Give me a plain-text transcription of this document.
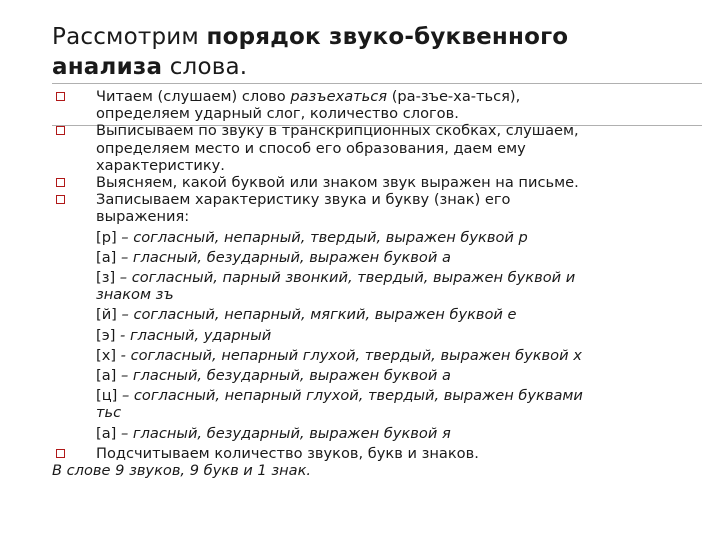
Рассмотрим порядок звуко-буквенного
анализа слова.
Читаем (слушаем) слово разъехаться (ра-зъе-ха-ться),
определяем ударный слог, количество слогов.
Выписываем по звуку в транскрипционных скобках, слушаем,
определяем место и способ его образования, даем ему
характеристику.
Выясняем, какой буквой или знаком звук выражен на письме.
Записываем характеристику звука и букву (знак) его
выражения:
[р] – согласный, непарный, твердый, выражен буквой р
[а] – гласный, безударный, выражен буквой а
[з] – согласный, парный звонкий, твердый, выражен буквой и
знаком зъ
[й] – согласный, непарный, мягкий, выражен буквой е
[э] - гласный, ударный
[х] - согласный, непарный глухой, твердый, выражен буквой х
[а] – гласный, безударный, выражен буквой а
[ц] – согласный, непарный глухой, твердый, выражен буквами
тьс
[а] – гласный, безударный, выражен буквой я
Подсчитываем количество звуков, букв и знаков.
В слове 9 звуков, 9 букв и 1 знак.
